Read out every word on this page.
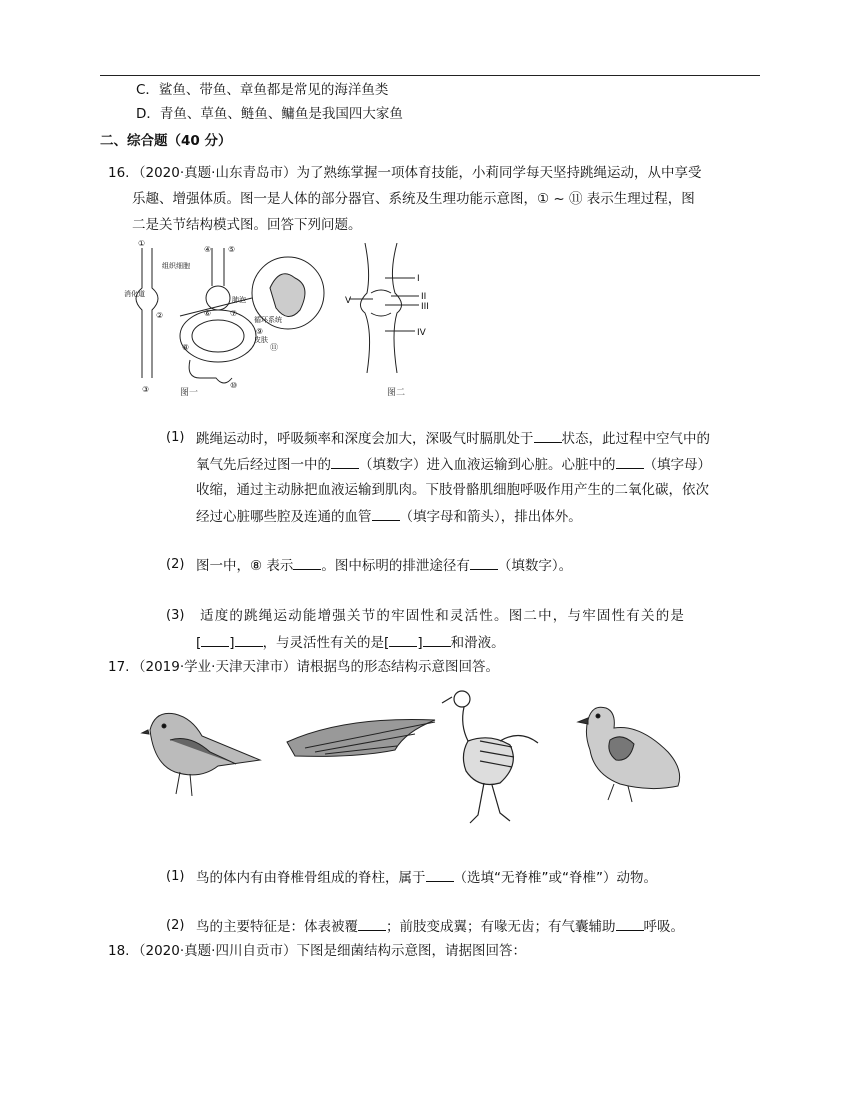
C．鲨鱼、带鱼、章鱼都是常见的海洋鱼类
D．青鱼、草鱼、鲢鱼、鳙鱼是我国四大家鱼
二、综合题（40 分）
16. （2020·真题·山东青岛市）为了熟练掌握一项体育技能，小莉同学每天坚持跳绳运动，从中享受
乐趣、增强体质。图一是人体的部分器官、系统及生理功能示意图，① ~ ⑪ 表示生理过程，图
二是关节结构模式图。回答下列问题。
①
②
③
④ ⑤
⑥ ⑦
⑧
⑨
⑩
⑪
消化道
组织细胞
肺泡
循环系统
皮肤
图一
I
II
III
IV
V
图二
(1) 跳绳运动时，呼吸频率和深度会加大，深吸气时膈肌处于 状态，此过程中空气中的
氧气先后经过图一中的 （填数字）进入血液运输到心脏。心脏中的 （填字母）
收缩，通过主动脉把血液运输到肌肉。下肢骨骼肌细胞呼吸作用产生的二氧化碳，依次
经过心脏哪些腔及连通的血管 （填字母和箭头），排出体外。
(2) 图一中，⑧ 表示 。图中标明的排泄途径有 （填数字）。
(3) 适度的跳绳运动能增强关节的牢固性和灵活性。图二中，与牢固性有关的是
[ ] ，与灵活性有关的是[ ] 和滑液。
17. （2019·学业·天津天津市）请根据鸟的形态结构示意图回答。
(1) 鸟的体内有由脊椎骨组成的脊柱，属于 （选填“无脊椎”或“脊椎”）动物。
(2) 鸟的主要特征是：体表被覆 ；前肢变成翼；有喙无齿；有气囊辅助 呼吸。
18. （2020·真题·四川自贡市）下图是细菌结构示意图，请据图回答：
